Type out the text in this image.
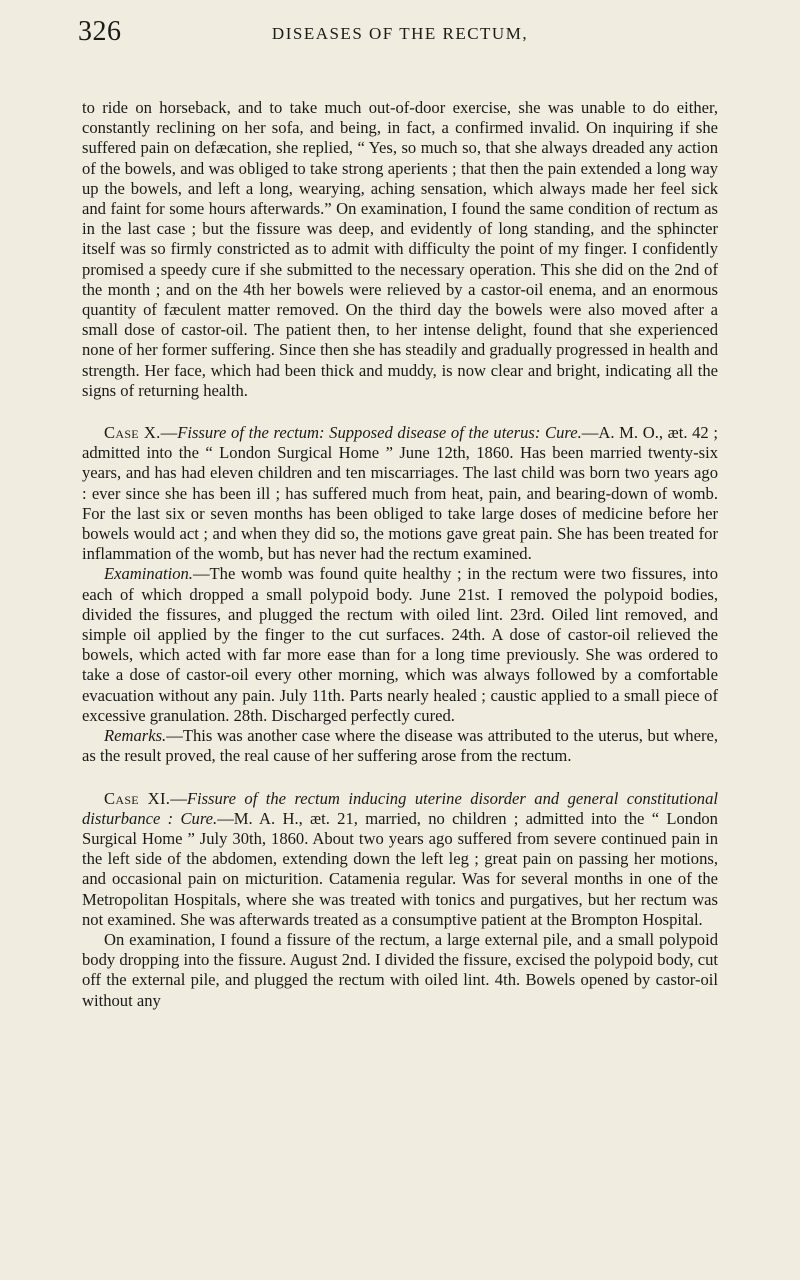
326	DISEASES OF THE RECTUM,

to ride on horseback, and to take much out-of-door exercise, she was unable to do either, constantly reclining on her sofa, and being, in fact, a confirmed invalid. On inquiring if she suffered pain on defæcation, she replied, “ Yes, so much so, that she always dreaded any action of the bowels, and was obliged to take strong aperients ; that then the pain extended a long way up the bowels, and left a long, wearying, aching sensation, which always made her feel sick and faint for some hours afterwards.” On examination, I found the same condition of rectum as in the last case ; but the fissure was deep, and evidently of long standing, and the sphincter itself was so firmly constricted as to admit with difficulty the point of my finger. I confidently promised a speedy cure if she submitted to the necessary operation. This she did on the 2nd of the month ; and on the 4th her bowels were relieved by a castor-oil enema, and an enormous quantity of fæculent matter removed. On the third day the bowels were also moved after a small dose of castor-oil. The patient then, to her intense delight, found that she experienced none of her former suffering. Since then she has steadily and gradually progressed in health and strength. Her face, which had been thick and muddy, is now clear and bright, indicating all the signs of returning health.

Case X.—Fissure of the rectum: Supposed disease of the uterus: Cure.—A. M. O., æt. 42 ; admitted into the “ London Surgical Home ” June 12th, 1860. Has been married twenty-six years, and has had eleven children and ten miscarriages. The last child was born two years ago : ever since she has been ill ; has suffered much from heat, pain, and bearing-down of womb. For the last six or seven months has been obliged to take large doses of medicine before her bowels would act ; and when they did so, the motions gave great pain. She has been treated for inflammation of the womb, but has never had the rectum examined.

Examination.—The womb was found quite healthy ; in the rectum were two fissures, into each of which dropped a small polypoid body. June 21st. I removed the polypoid bodies, divided the fissures, and plugged the rectum with oiled lint. 23rd. Oiled lint removed, and simple oil applied by the finger to the cut surfaces. 24th. A dose of castor-oil relieved the bowels, which acted with far more ease than for a long time previously. She was ordered to take a dose of castor-oil every other morning, which was always followed by a comfortable evacuation without any pain. July 11th. Parts nearly healed ; caustic applied to a small piece of excessive granulation. 28th. Discharged perfectly cured.

Remarks.—This was another case where the disease was attributed to the uterus, but where, as the result proved, the real cause of her suffering arose from the rectum.

Case XI.—Fissure of the rectum inducing uterine disorder and general constitutional disturbance : Cure.—M. A. H., æt. 21, married, no children ; admitted into the “ London Surgical Home ” July 30th, 1860. About two years ago suffered from severe continued pain in the left side of the abdomen, extending down the left leg ; great pain on passing her motions, and occasional pain on micturition. Catamenia regular. Was for several months in one of the Metropolitan Hospitals, where she was treated with tonics and purgatives, but her rectum was not examined. She was afterwards treated as a consumptive patient at the Brompton Hospital.

On examination, I found a fissure of the rectum, a large external pile, and a small polypoid body dropping into the fissure. August 2nd. I divided the fissure, excised the polypoid body, cut off the external pile, and plugged the rectum with oiled lint. 4th. Bowels opened by castor-oil without any
